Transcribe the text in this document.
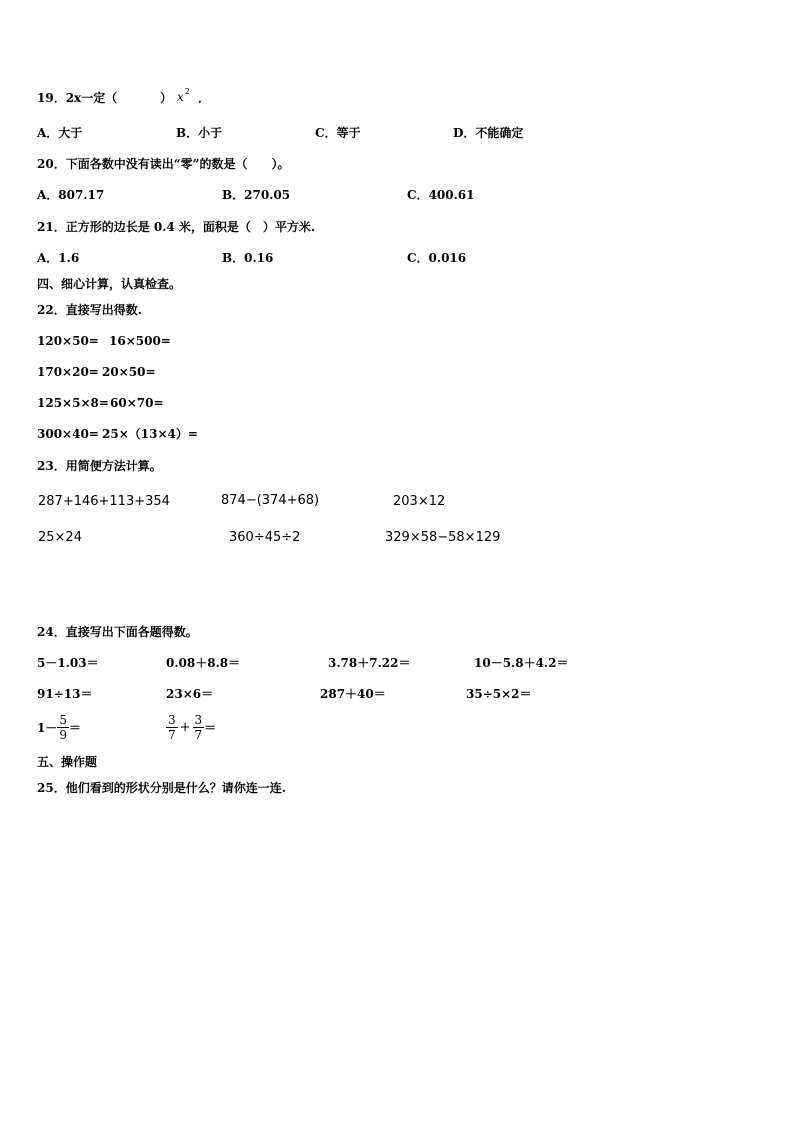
19．2x一定（	） $x^2$ ．
A．大于	B．小于	C．等于	D．不能确定
20．下面各数中没有读出“零”的数是（　　）。
A．807.17	B．270.05	C．400.61
21．正方形的边长是 0.4 米，面积是（　）平方米.
A．1.6	B．0.16	C．0.016
四、细心计算，认真检查。
22．直接写出得数.
120×50= 16×500=
170×20= 20×50=
125×5×8= 60×70=
300×40= 25×（13×4）=
23．用简便方法计算。
287+146+113+354	874−(374+68)	203×12
25×24	360÷45÷2	329×58−58×129
24．直接写出下面各题得数。
5－1.03＝	0.08＋8.8＝	3.78＋7.22＝	10－5.8＋4.2＝
91÷13＝	23×6＝	287＋40＝	35÷5×2＝
$1- \frac{5}{9}$ ＝	$\frac{3}{7} + \frac{3}{7}$ ＝
五、操作题
25．他们看到的形状分别是什么？请你连一连.
